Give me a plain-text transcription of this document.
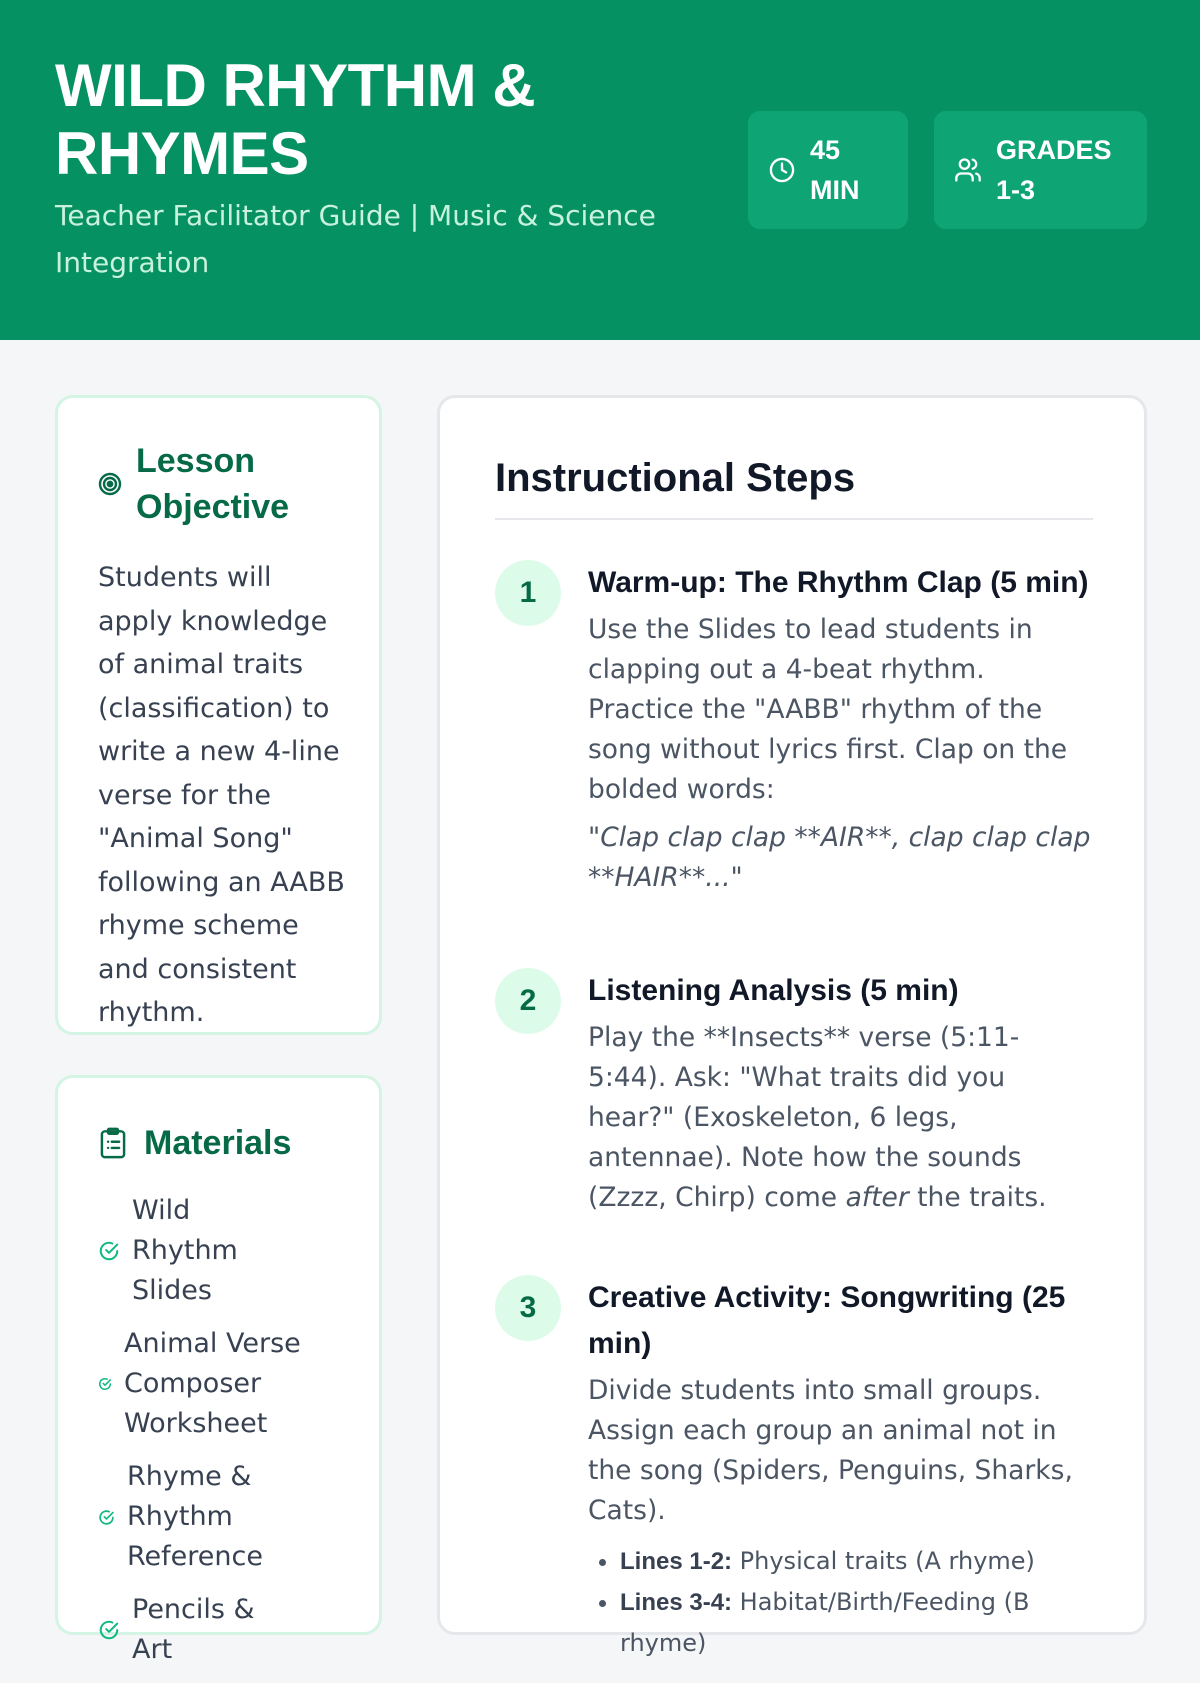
WILD RHYTHM & RHYMES

Teacher Facilitator Guide | Music & Science Integration

45 MIN
GRADES 1-3
Lesson Objective

Students will apply knowledge of animal traits (classification) to write a new 4-line verse for the "Animal Song" following an AABB rhyme scheme and consistent rhythm.

Materials
Wild Rhythm Slides
Animal Verse Composer Worksheet
Rhyme & Rhythm Reference
Pencils & Art
Instructional Steps
1	Warm-up: The Rhythm Clap (5 min)

Use the Slides to lead students in clapping out a 4-beat rhythm. Practice the "AABB" rhythm of the song without lyrics first. Clap on the bolded words:

"Clap clap clap **AIR**, clap clap clap **HAIR**..."

2	Listening Analysis (5 min)

Play the **Insects** verse (5:11-5:44). Ask: "What traits did you hear?" (Exoskeleton, 6 legs, antennae). Note how the sounds (Zzzz, Chirp) come after the traits.

3	Creative Activity: Songwriting (25 min)

Divide students into small groups. Assign each group an animal not in the song (Spiders, Penguins, Sharks, Cats).

• Lines 1-2: Physical traits (A rhyme)
• Lines 3-4: Habitat/Birth/Feeding (B rhyme)
